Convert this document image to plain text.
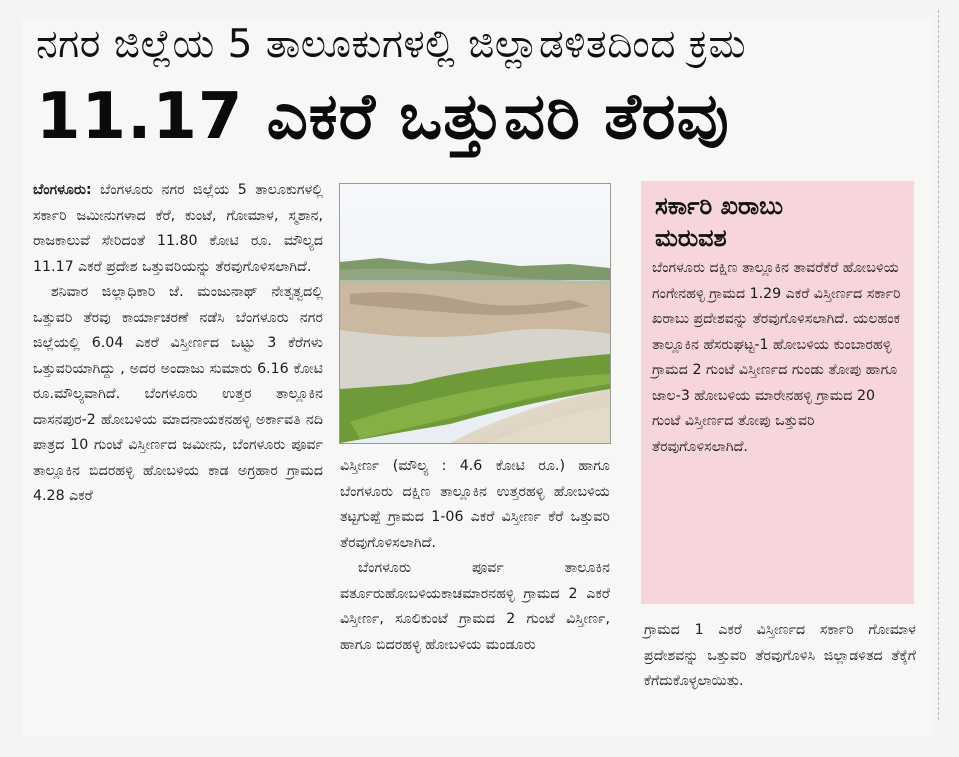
ನಗರ ಜಿಲ್ಲೆಯ 5 ತಾಲೂಕುಗಳಲ್ಲಿ ಜಿಲ್ಲಾಡಳಿತದಿಂದ ಕ್ರಮ
11.17 ಎಕರೆ ಒತ್ತುವರಿ ತೆರವು

ಬೆಂಗಳೂರು: ಬೆಂಗಳೂರು ನಗರ ಜಿಲ್ಲೆಯ 5 ತಾಲೂಕುಗಳಲ್ಲಿ ಸರ್ಕಾರಿ ಜಮೀನುಗಳಾದ ಕೆರೆ, ಕುಂಟೆ, ಗೋಮಾಳ, ಸ್ಮಶಾನ, ರಾಜಕಾಲುವೆ ಸೇರಿದಂತೆ 11.80 ಕೋಟಿ ರೂ. ಮೌಲ್ಯದ 11.17 ಎಕರೆ ಪ್ರದೇಶ ಒತ್ತುವರಿಯನ್ನು ತೆರವುಗೊಳಿಸಲಾಗಿದೆ.

ಶನಿವಾರ ಜಿಲ್ಲಾಧಿಕಾರಿ ಜೆ. ಮಂಜುನಾಥ್ ನೇತೃತ್ವದಲ್ಲಿ ಒತ್ತುವರಿ ತೆರವು ಕಾರ್ಯಾಚರಣೆ ನಡೆಸಿ ಬೆಂಗಳೂರು ನಗರ ಜಿಲ್ಲೆಯಲ್ಲಿ 6.04 ಎಕರೆ ವಿಸ್ತೀರ್ಣದ ಒಟ್ಟು 3 ಕೆರೆಗಳು ಒತ್ತುವರಿಯಾಗಿದ್ದು , ಅದರ ಅಂದಾಜು ಸುಮಾರು 6.16 ಕೋಟಿ ರೂ.ಮೌಲ್ಯವಾಗಿದೆ. ಬೆಂಗಳೂರು ಉತ್ತರ ತಾಲ್ಲೂಕಿನ ದಾಸನಪುರ-2 ಹೋಬಳಿಯ ಮಾದನಾಯಕನಹಳ್ಳಿ ಅರ್ಕಾವತಿ ನದಿ ಪಾತ್ರದ 10 ಗುಂಟೆ ವಿಸ್ತೀರ್ಣದ ಜಮೀನು, ಬೆಂಗಳೂರು ಪೂರ್ವ ತಾಲ್ಲೂಕಿನ ಬಿದರಹಳ್ಳಿ ಹೋಬಳಿಯ ಕಾಡ ಅಗ್ರಹಾರ ಗ್ರಾಮದ 4.28 ಎಕರೆ

ವಿಸ್ತೀರ್ಣ (ಮೌಲ್ಯ : 4.6 ಕೋಟಿ ರೂ.) ಹಾಗೂ ಬೆಂಗಳೂರು ದಕ್ಷಿಣ ತಾಲ್ಲೂಕಿನ ಉತ್ತರಹಳ್ಳಿ ಹೋಬಳಿಯ ತಟ್ಟಗುಪ್ಪೆ ಗ್ರಾಮದ 1-06 ಎಕರೆ ವಿಸ್ತೀರ್ಣ ಕೆರೆ ಒತ್ತುವರಿ ತೆರವುಗೊಳಿಸಲಾಗಿದೆ.

ಬೆಂಗಳೂರು ಪೂರ್ವ ತಾಲೂಕಿನ ವರ್ತೂರುಹೋಬಳಿಯಕಾಚಮಾರನಹಳ್ಳಿ ಗ್ರಾಮದ 2 ಎಕರೆ ವಿಸ್ತೀರ್ಣ, ಸೂಲಿಕುಂಟೆ ಗ್ರಾಮದ 2 ಗುಂಟೆ ವಿಸ್ತೀರ್ಣ, ಹಾಗೂ ಬಿದರಹಳ್ಳಿ ಹೋಬಳಿಯ ಮಂಡೂರು

ಸರ್ಕಾರಿ ಖರಾಬು
ಮರುವಶ

ಬೆಂಗಳೂರು ದಕ್ಷಿಣ ತಾಲ್ಲೂಕಿನ ತಾವರೆಕೆರೆ ಹೋಬಳಿಯ ಗಂಗೇನಹಳ್ಳಿ ಗ್ರಾಮದ 1.29 ಎಕರೆ ವಿಸ್ತೀರ್ಣದ ಸರ್ಕಾರಿ ಖರಾಬು ಪ್ರದೇಶವನ್ನು ತೆರವುಗೊಳಿಸಲಾಗಿದೆ. ಯಲಹಂಕ ತಾಲ್ಲೂಕಿನ ಹೆಸರುಘಟ್ಟ-1 ಹೋಬಳಿಯ ಕುಂಬಾರಹಳ್ಳಿ ಗ್ರಾಮದ 2 ಗುಂಟೆ ವಿಸ್ತೀರ್ಣದ ಗುಂಡು ತೋಪು ಹಾಗೂ ಜಾಲ-3 ಹೋಬಳಿಯ ಮಾರೇನಹಳ್ಳಿ ಗ್ರಾಮದ 20 ಗುಂಟೆ ವಿಸ್ತೀರ್ಣದ ತೋಪು ಒತ್ತುವರಿ ತೆರವುಗೊಳಿಸಲಾಗಿದೆ.

ಗ್ರಾಮದ 1 ಎಕರೆ ವಿಸ್ತೀರ್ಣದ ಸರ್ಕಾರಿ ಗೋಮಾಳ ಪ್ರದೇಶವನ್ನು ಒತ್ತುವರಿ ತೆರವುಗೊಳಿಸಿ ಜಿಲ್ಲಾಡಳಿತದ ತೆಕ್ಕೆಗೆ ಕೆಗೆದುಕೊಳ್ಳಲಾಯಿತು.
